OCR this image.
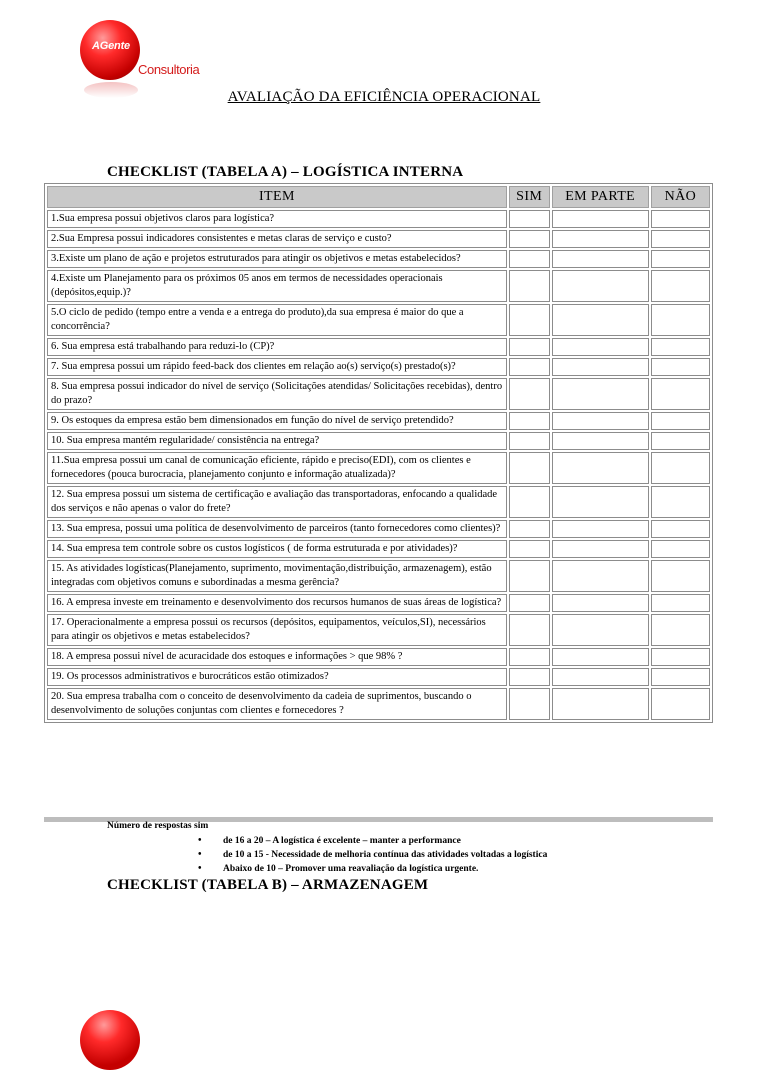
AGente
Consultoria
AVALIAÇÃO DA EFICIÊNCIA OPERACIONAL
CHECKLIST (TABELA A) – LOGÍSTICA INTERNA
ITEM	SIM	EM PARTE	NÃO
1.Sua empresa possui objetivos claros para logística?			
2.Sua Empresa possui indicadores consistentes e metas claras de serviço e custo?			
3.Existe um plano de ação e projetos estruturados para atingir os objetivos e metas estabelecidos?			
4.Existe um Planejamento para os próximos 05 anos em termos de necessidades operacionais (depósitos,equip.)?			
5.O ciclo de pedido (tempo entre a venda e a entrega do produto),da sua empresa é maior do que a concorrência?			
6. Sua empresa está trabalhando para reduzi-lo (CP)?			
7. Sua empresa possui um rápido feed-back dos clientes em relação ao(s) serviço(s) prestado(s)?			
8. Sua empresa possui indicador do nível de serviço (Solicitações atendidas/ Solicitações recebidas), dentro do prazo?			
9. Os estoques da empresa estão bem dimensionados em função do nível de serviço pretendido?			
10. Sua empresa mantém regularidade/ consistência na entrega?			
11.Sua empresa possui um canal de comunicação eficiente, rápido e preciso(EDI), com os clientes e fornecedores (pouca burocracia, planejamento conjunto e informação atualizada)?			
12. Sua empresa possui um sistema de certificação e avaliação das transportadoras, enfocando a qualidade dos serviços e não apenas o valor do frete?			
13. Sua empresa, possui uma política de desenvolvimento de parceiros (tanto fornecedores como clientes)?			
14. Sua empresa tem controle sobre os custos logísticos ( de forma estruturada e por atividades)?			
15. As atividades logísticas(Planejamento, suprimento, movimentação,distribuição, armazenagem), estão integradas com objetivos comuns e subordinadas a mesma gerência?			
16. A empresa investe em treinamento e desenvolvimento dos recursos humanos de suas áreas de logística?			
17. Operacionalmente a empresa possui os recursos (depósitos, equipamentos, veículos,SI), necessários para atingir os objetivos e metas estabelecidos?			
18. A empresa possui nível de acuracidade dos estoques e informações > que 98% ?			
19. Os processos administrativos e burocráticos estão otimizados?			
20. Sua empresa trabalha com o conceito de desenvolvimento da cadeia de suprimentos, buscando o desenvolvimento de soluções conjuntas com clientes e fornecedores ?			
Número de respostas sim
• de 16 a 20 – A logística é excelente – manter a performance
• de 10 a 15 - Necessidade de melhoria contínua das atividades voltadas a logística
• Abaixo de 10 – Promover uma reavaliação da logística urgente.
CHECKLIST (TABELA B) – ARMAZENAGEM
